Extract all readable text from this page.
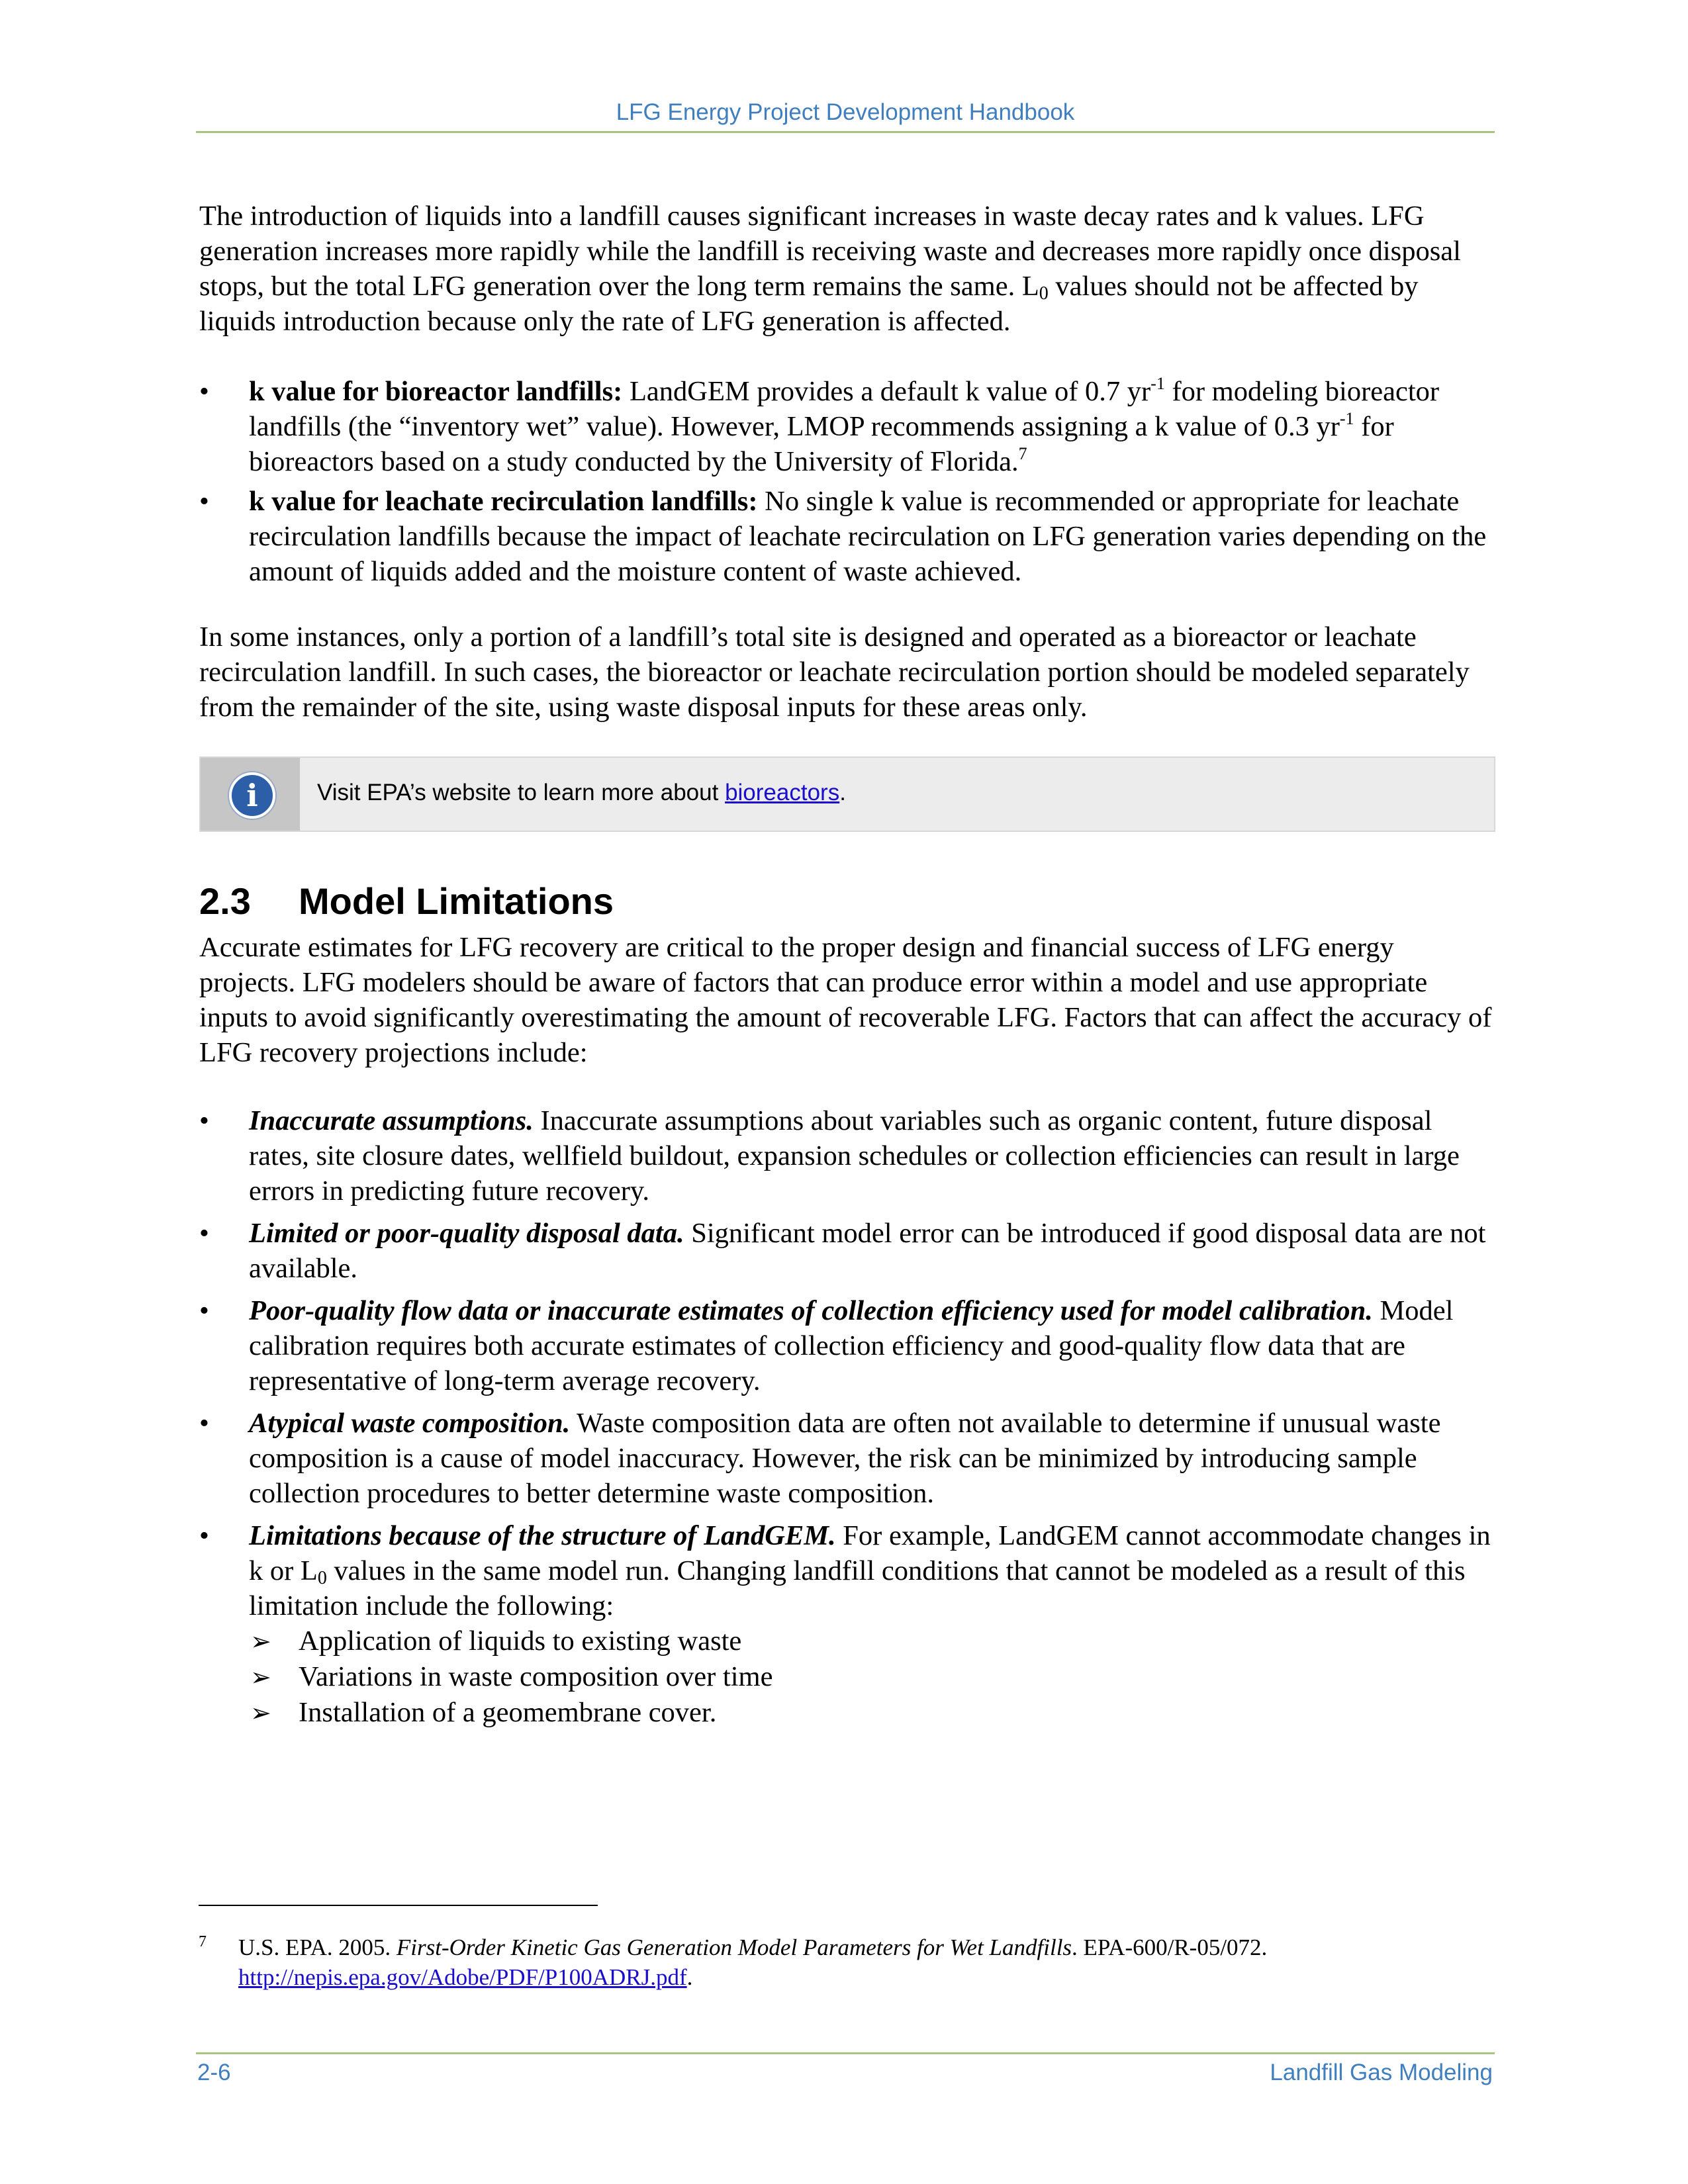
LFG Energy Project Development Handbook

The introduction of liquids into a landfill causes significant increases in waste decay rates and k values. LFG generation increases more rapidly while the landfill is receiving waste and decreases more rapidly once disposal stops, but the total LFG generation over the long term remains the same. $L_0$ values should not be affected by liquids introduction because only the rate of LFG generation is affected.

•	k value for bioreactor landfills: LandGEM provides a default k value of 0.7 $yr^{-1}$ for modeling bioreactor landfills (the “inventory wet” value). However, LMOP recommends assigning a k value of 0.3 $yr^{-1}$ for bioreactors based on a study conducted by the University of Florida.$^7$
•	k value for leachate recirculation landfills: No single k value is recommended or appropriate for leachate recirculation landfills because the impact of leachate recirculation on LFG generation varies depending on the amount of liquids added and the moisture content of waste achieved.

In some instances, only a portion of a landfill’s total site is designed and operated as a bioreactor or leachate recirculation landfill. In such cases, the bioreactor or leachate recirculation portion should be modeled separately from the remainder of the site, using waste disposal inputs for these areas only.

i	Visit EPA’s website to learn more about bioreactors.
2.3 Model Limitations

Accurate estimates for LFG recovery are critical to the proper design and financial success of LFG energy projects. LFG modelers should be aware of factors that can produce error within a model and use appropriate inputs to avoid significantly overestimating the amount of recoverable LFG. Factors that can affect the accuracy of LFG recovery projections include:

•	Inaccurate assumptions. Inaccurate assumptions about variables such as organic content, future disposal rates, site closure dates, wellfield buildout, expansion schedules or collection efficiencies can result in large errors in predicting future recovery.
•	Limited or poor-quality disposal data. Significant model error can be introduced if good disposal data are not available.
•	Poor-quality flow data or inaccurate estimates of collection efficiency used for model calibration. Model calibration requires both accurate estimates of collection efficiency and good-quality flow data that are representative of long-term average recovery.
•	Atypical waste composition. Waste composition data are often not available to determine if unusual waste composition is a cause of model inaccuracy. However, the risk can be minimized by introducing sample collection procedures to better determine waste composition.
•	Limitations because of the structure of LandGEM. For example, LandGEM cannot accommodate changes in k or $L_0$ values in the same model run. Changing landfill conditions that cannot be modeled as a result of this limitation include the following:
➢ Application of liquids to existing waste
➢ Variations in waste composition over time
➢ Installation of a geomembrane cover.
7 U.S. EPA. 2005. First-Order Kinetic Gas Generation Model Parameters for Wet Landfills. EPA-600/R-05/072.
http://nepis.epa.gov/Adobe/PDF/P100ADRJ.pdf.
2-6	Landfill Gas Modeling
